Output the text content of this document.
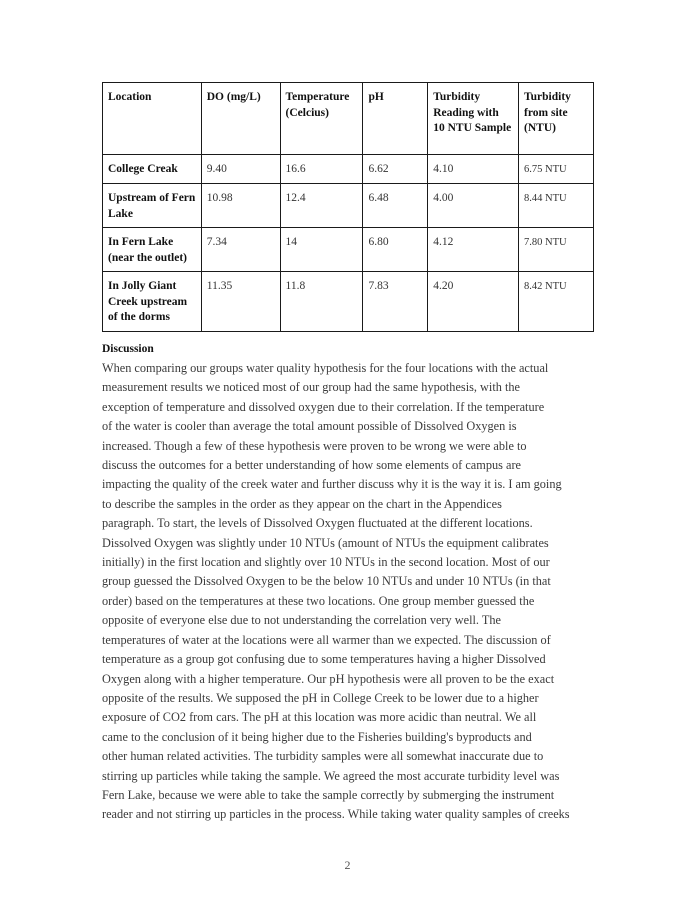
Location	DO (mg/L)	Temperature (Celcius)	pH	Turbidity Reading with 10 NTU Sample	Turbidity from site (NTU)
College Creak	9.40	16.6	6.62	4.10	6.75 NTU
Upstream of Fern Lake	10.98	12.4	6.48	4.00	8.44 NTU
In Fern Lake (near the outlet)	7.34	14	6.80	4.12	7.80 NTU
In Jolly Giant Creek upstream of the dorms	11.35	11.8	7.83	4.20	8.42 NTU
Discussion

When comparing our groups water quality hypothesis for the four locations with the actual
measurement results we noticed most of our group had the same hypothesis, with the
exception of temperature and dissolved oxygen due to their correlation. If the temperature
of the water is cooler than average the total amount possible of Dissolved Oxygen is
increased. Though a few of these hypothesis were proven to be wrong we were able to
discuss the outcomes for a better understanding of how some elements of campus are
impacting the quality of the creek water and further discuss why it is the way it is. I am going
to describe the samples in the order as they appear on the chart in the Appendices
paragraph. To start, the levels of Dissolved Oxygen fluctuated at the different locations.
Dissolved Oxygen was slightly under 10 NTUs (amount of NTUs the equipment calibrates
initially) in the first location and slightly over 10 NTUs in the second location. Most of our
group guessed the Dissolved Oxygen to be the below 10 NTUs and under 10 NTUs (in that
order) based on the temperatures at these two locations. One group member guessed the
opposite of everyone else due to not understanding the correlation very well. The
temperatures of water at the locations were all warmer than we expected. The discussion of
temperature as a group got confusing due to some temperatures having a higher Dissolved
Oxygen along with a higher temperature. Our pH hypothesis were all proven to be the exact
opposite of the results. We supposed the pH in College Creek to be lower due to a higher
exposure of CO2 from cars. The pH at this location was more acidic than neutral. We all
came to the conclusion of it being higher due to the Fisheries building's byproducts and
other human related activities. The turbidity samples were all somewhat inaccurate due to
stirring up particles while taking the sample. We agreed the most accurate turbidity level was
Fern Lake, because we were able to take the sample correctly by submerging the instrument
reader and not stirring up particles in the process. While taking water quality samples of creeks

2
